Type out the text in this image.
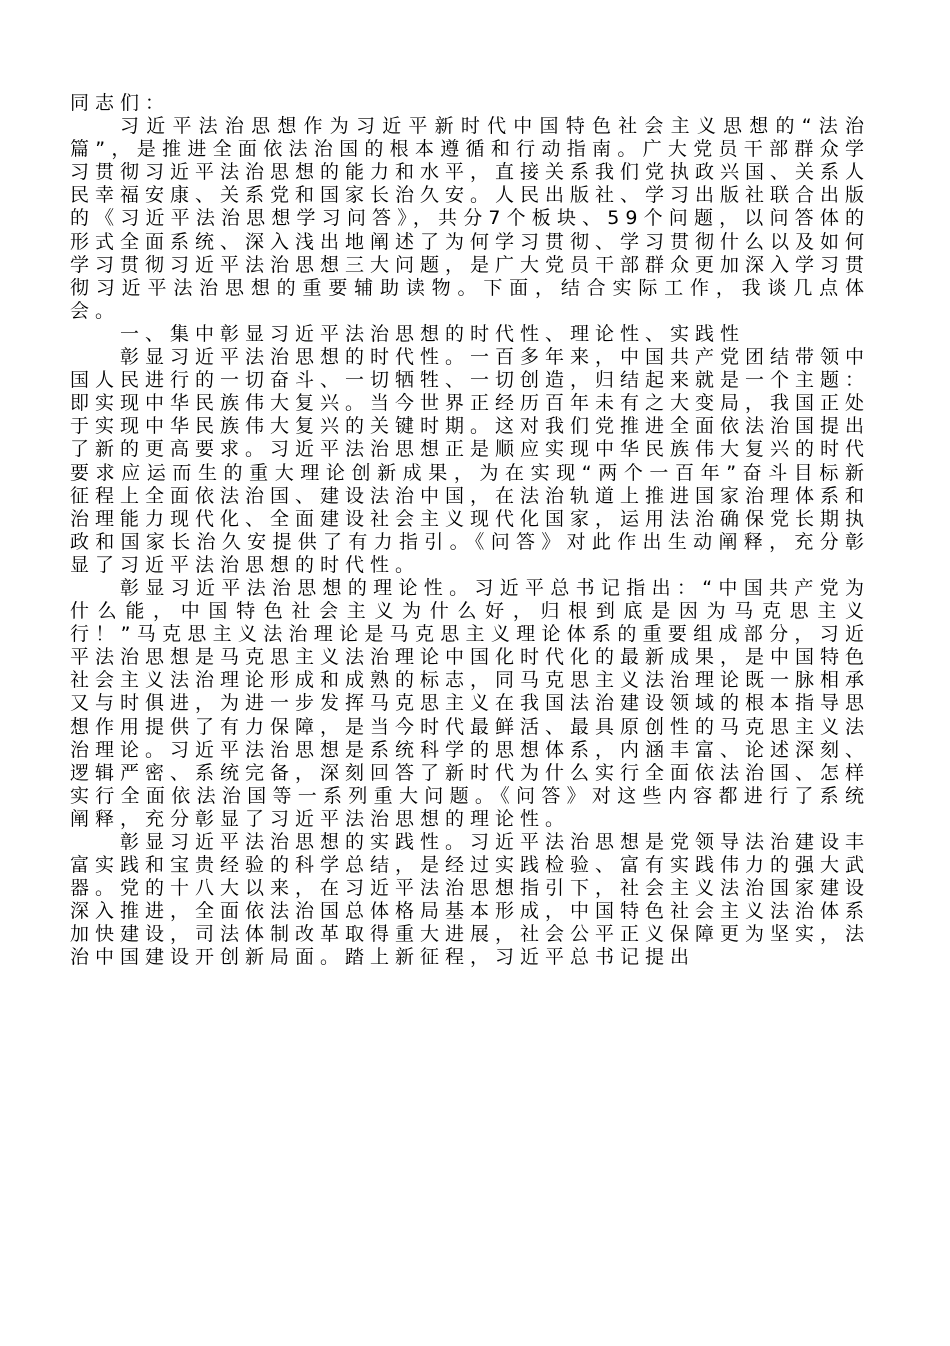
同志们：

习近平法治思想作为习近平新时代中国特色社会主义思想的“法治篇”，是推进全面依法治国的根本遵循和行动指南。广大党员干部群众学习贯彻习近平法治思想的能力和水平，直接关系我们党执政兴国、关系人民幸福安康、关系党和国家长治久安。人民出版社、学习出版社联合出版的《习近平法治思想学习问答》，共分7个板块、59个问题，以问答体的形式全面系统、深入浅出地阐述了为何学习贯彻、学习贯彻什么以及如何学习贯彻习近平法治思想三大问题，是广大党员干部群众更加深入学习贯彻习近平法治思想的重要辅助读物。下面，结合实际工作，我谈几点体会。

一、集中彰显习近平法治思想的时代性、理论性、实践性

彰显习近平法治思想的时代性。一百多年来，中国共产党团结带领中国人民进行的一切奋斗、一切牺牲、一切创造，归结起来就是一个主题：即实现中华民族伟大复兴。当今世界正经历百年未有之大变局，我国正处于实现中华民族伟大复兴的关键时期。这对我们党推进全面依法治国提出了新的更高要求。习近平法治思想正是顺应实现中华民族伟大复兴的时代要求应运而生的重大理论创新成果，为在实现“两个一百年”奋斗目标新征程上全面依法治国、建设法治中国，在法治轨道上推进国家治理体系和治理能力现代化、全面建设社会主义现代化国家，运用法治确保党长期执政和国家长治久安提供了有力指引。《问答》对此作出生动阐释，充分彰显了习近平法治思想的时代性。

彰显习近平法治思想的理论性。习近平总书记指出：“中国共产党为什么能，中国特色社会主义为什么好，归根到底是因为马克思主义行！”马克思主义法治理论是马克思主义理论体系的重要组成部分，习近平法治思想是马克思主义法治理论中国化时代化的最新成果，是中国特色社会主义法治理论形成和成熟的标志，同马克思主义法治理论既一脉相承又与时俱进，为进一步发挥马克思主义在我国法治建设领域的根本指导思想作用提供了有力保障，是当今时代最鲜活、最具原创性的马克思主义法治理论。习近平法治思想是系统科学的思想体系，内涵丰富、论述深刻、逻辑严密、系统完备，深刻回答了新时代为什么实行全面依法治国、怎样实行全面依法治国等一系列重大问题。《问答》对这些内容都进行了系统阐释，充分彰显了习近平法治思想的理论性。

彰显习近平法治思想的实践性。习近平法治思想是党领导法治建设丰富实践和宝贵经验的科学总结，是经过实践检验、富有实践伟力的强大武器。党的十八大以来，在习近平法治思想指引下，社会主义法治国家建设深入推进，全面依法治国总体格局基本形成，中国特色社会主义法治体系加快建设，司法体制改革取得重大进展，社会公平正义保障更为坚实，法治中国建设开创新局面。踏上新征程，习近平总书记提出
